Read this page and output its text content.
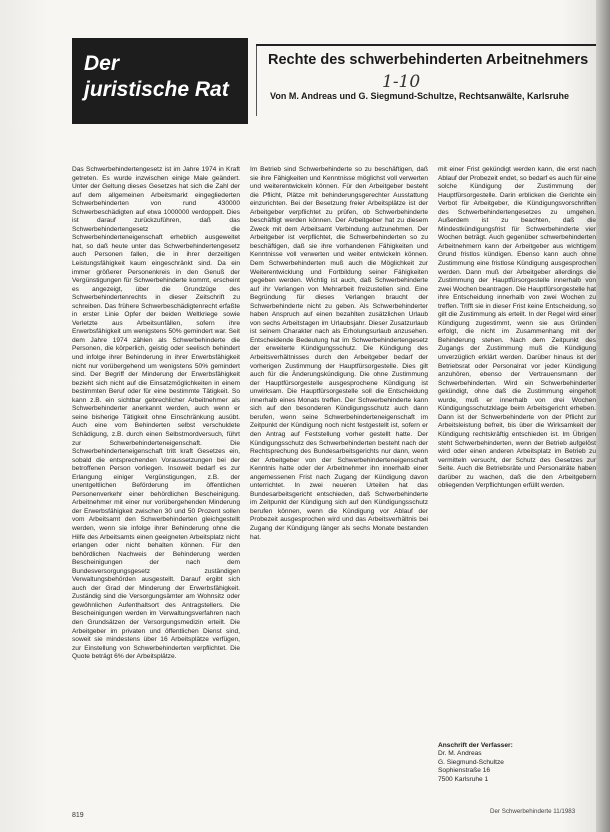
Der
juristische Rat
Rechte des schwerbehinderten Arbeitnehmers
1-10
Von M. Andreas und G. Siegmund-Schultze, Rechtsanwälte, Karlsruhe

Das Schwerbehindertengesetz ist im Jahre 1974 in Kraft getreten. Es wurde inzwischen einige Male geändert. Unter der Geltung dieses Gesetzes hat sich die Zahl der auf dem allgemeinen Arbeitsmarkt eingegliederten Schwerbehinderten von rund 430000 Schwerbeschädigten auf etwa 1000000 verdoppelt. Dies ist darauf zurückzuführen, daß das Schwerbehindertengesetz die Schwerbehinderteneigenschaft erheblich ausgeweitet hat, so daß heute unter das Schwerbehindertengesetz auch Personen fallen, die in ihrer derzeitigen Leistungsfähigkeit kaum eingeschränkt sind. Da ein immer größerer Personenkreis in den Genuß der Vergünstigungen für Schwerbehinderte kommt, erscheint es angezeigt, über die Grundzüge des Schwerbehindertenrechts in dieser Zeitschrift zu schreiben. Das frühere Schwerbeschädigtenrecht erfaßte in erster Linie Opfer der beiden Weltkriege sowie Verletzte aus Arbeitsunfällen, sofern ihre Erwerbsfähigkeit um wenigstens 50% gemindert war. Seit dem Jahre 1974 zählen als Schwerbehinderte die Personen, die körperlich, geistig oder seelisch behindert und infolge ihrer Behinderung in ihrer Erwerbsfähigkeit nicht nur vorübergehend um wenigstens 50% gemindert sind. Der Begriff der Minderung der Erwerbsfähigkeit bezieht sich nicht auf die Einsatzmöglichkeiten in einem bestimmten Beruf oder für eine bestimmte Tätigkeit. So kann z.B. ein sichtbar gebrechlicher Arbeitnehmer als Schwerbehinderter anerkannt werden, auch wenn er seine bisherige Tätigkeit ohne Einschränkung ausübt. Auch eine vom Behinderten selbst verschuldete Schädigung, z.B. durch einen Selbstmordversuch, führt zur Schwerbehinderteneigenschaft. Die Schwerbehinderteneigenschaft tritt kraft Gesetzes ein, sobald die entsprechenden Voraussetzungen bei der betroffenen Person vorliegen. Insoweit bedarf es zur Erlangung einiger Vergünstigungen, z.B. der unentgeltlichen Beförderung im öffentlichen Personenverkehr einer behördlichen Bescheinigung. Arbeitnehmer mit einer nur vorübergehenden Minderung der Erwerbsfähigkeit zwischen 30 und 50 Prozent sollen vom Arbeitsamt den Schwerbehinderten gleichgestellt werden, wenn sie infolge ihrer Behinderung ohne die Hilfe des Arbeitsamts einen geeigneten Arbeitsplatz nicht erlangen oder nicht behalten können. Für den behördlichen Nachweis der Behinderung werden Bescheinigungen der nach dem Bundesversorgungsgesetz zuständigen Verwaltungsbehörden ausgestellt. Darauf ergibt sich auch der Grad der Minderung der Erwerbsfähigkeit. Zuständig sind die Versorgungsämter am Wohnsitz oder gewöhnlichen Aufenthaltsort des Antragstellers. Die Bescheinigungen werden im Verwaltungsverfahren nach den Grundsätzen der Versorgungsmedizin erteilt. Die Arbeitgeber im privaten und öffentlichen Dienst sind, soweit sie mindestens über 16 Arbeitsplätze verfügen, zur Einstellung von Schwerbehinderten verpflichtet. Die Quote beträgt 6% der Arbeitsplätze.

Im Betrieb sind Schwerbehinderte so zu beschäftigen, daß sie ihre Fähigkeiten und Kenntnisse möglichst voll verwerten und weiterentwickeln können. Für den Arbeitgeber besteht die Pflicht, Plätze mit behinderungsgerechter Ausstattung einzurichten. Bei der Besetzung freier Arbeitsplätze ist der Arbeitgeber verpflichtet zu prüfen, ob Schwerbehinderte beschäftigt werden können. Der Arbeitgeber hat zu diesem Zweck mit dem Arbeitsamt Verbindung aufzunehmen. Der Arbeitgeber ist verpflichtet, die Schwerbehinderten so zu beschäftigen, daß sie ihre vorhandenen Fähigkeiten und Kenntnisse voll verwerten und weiter entwickeln können. Dem Schwerbehinderten muß auch die Möglichkeit zur Weiterentwicklung und Fortbildung seiner Fähigkeiten gegeben werden. Wichtig ist auch, daß Schwerbehinderte auf ihr Verlangen von Mehrarbeit freizustellen sind. Eine Begründung für dieses Verlangen braucht der Schwerbehinderte nicht zu geben. Als Schwerbehinderter haben Anspruch auf einen bezahlten zusätzlichen Urlaub von sechs Arbeitstagen im Urlaubsjahr. Dieser Zusatzurlaub ist seinem Charakter nach als Erholungsurlaub anzusehen. Entscheidende Bedeutung hat im Schwerbehindertengesetz der erweiterte Kündigungsschutz. Die Kündigung des Arbeitsverhältnisses durch den Arbeitgeber bedarf der vorherigen Zustimmung der Hauptfürsorgestelle. Dies gilt auch für die Änderungskündigung. Die ohne Zustimmung der Hauptfürsorgestelle ausgesprochene Kündigung ist unwirksam. Die Hauptfürsorgestelle soll die Entscheidung innerhalb eines Monats treffen. Der Schwerbehinderte kann sich auf den besonderen Kündigungsschutz auch dann berufen, wenn seine Schwerbehinderteneigenschaft im Zeitpunkt der Kündigung noch nicht festgestellt ist, sofern er den Antrag auf Feststellung vorher gestellt hatte. Der Kündigungsschutz des Schwerbehinderten besteht nach der Rechtsprechung des Bundesarbeitsgerichts nur dann, wenn der Arbeitgeber von der Schwerbehinderteneigenschaft Kenntnis hatte oder der Arbeitnehmer ihn innerhalb einer angemessenen Frist nach Zugang der Kündigung davon unterrichtet. In zwei neueren Urteilen hat das Bundesarbeitsgericht entschieden, daß Schwerbehinderte im Zeitpunkt der Kündigung sich auf den Kündigungsschutz berufen können, wenn die Kündigung vor Ablauf der Probezeit ausgesprochen wird und das Arbeitsverhältnis bei Zugang der Kündigung länger als sechs Monate bestanden hat.

mit einer Frist gekündigt werden kann, die erst nach Ablauf der Probezeit endet, so bedarf es auch für eine solche Kündigung der Zustimmung der Hauptfürsorgestelle. Darin erblicken die Gerichte ein Verbot für Arbeitgeber, die Kündigungsvorschriften des Schwerbehindertengesetzes zu umgehen. Außerdem ist zu beachten, daß die Mindestkündigungsfrist für Schwerbehinderte vier Wochen beträgt. Auch gegenüber schwerbehinderten Arbeitnehmern kann der Arbeitgeber aus wichtigem Grund fristlos kündigen. Ebenso kann auch ohne Zustimmung eine fristlose Kündigung ausgesprochen werden. Dann muß der Arbeitgeber allerdings die Zustimmung der Hauptfürsorgestelle innerhalb von zwei Wochen beantragen. Die Hauptfürsorgestelle hat ihre Entscheidung innerhalb von zwei Wochen zu treffen. Trifft sie in dieser Frist keine Entscheidung, so gilt die Zustimmung als erteilt. In der Regel wird einer Kündigung zugestimmt, wenn sie aus Gründen erfolgt, die nicht im Zusammenhang mit der Behinderung stehen. Nach dem Zeitpunkt des Zugangs der Zustimmung muß die Kündigung unverzüglich erklärt werden. Darüber hinaus ist der Betriebsrat oder Personalrat vor jeder Kündigung anzuhören, ebenso der Vertrauensmann der Schwerbehinderten. Wird ein Schwerbehinderter gekündigt, ohne daß die Zustimmung eingeholt wurde, muß er innerhalb von drei Wochen Kündigungsschutzklage beim Arbeitsgericht erheben. Dann ist der Schwerbehinderte von der Pflicht zur Arbeitsleistung befreit, bis über die Wirksamkeit der Kündigung rechtskräftig entschieden ist. Im Übrigen steht Schwerbehinderten, wenn der Betrieb aufgelöst wird oder einen anderen Arbeitsplatz im Betrieb zu vermitteln versucht, der Schutz des Gesetzes zur Seite. Auch die Betriebsräte und Personalräte haben darüber zu wachen, daß die den Arbeitgebern obliegenden Verpflichtungen erfüllt werden.

Anschrift der Verfasser:
Dr. M. Andreas
G. Siegmund-Schultze
Sophienstraße 16
7500 Karlsruhe 1
819
Der Schwerbehinderte 11/1983
